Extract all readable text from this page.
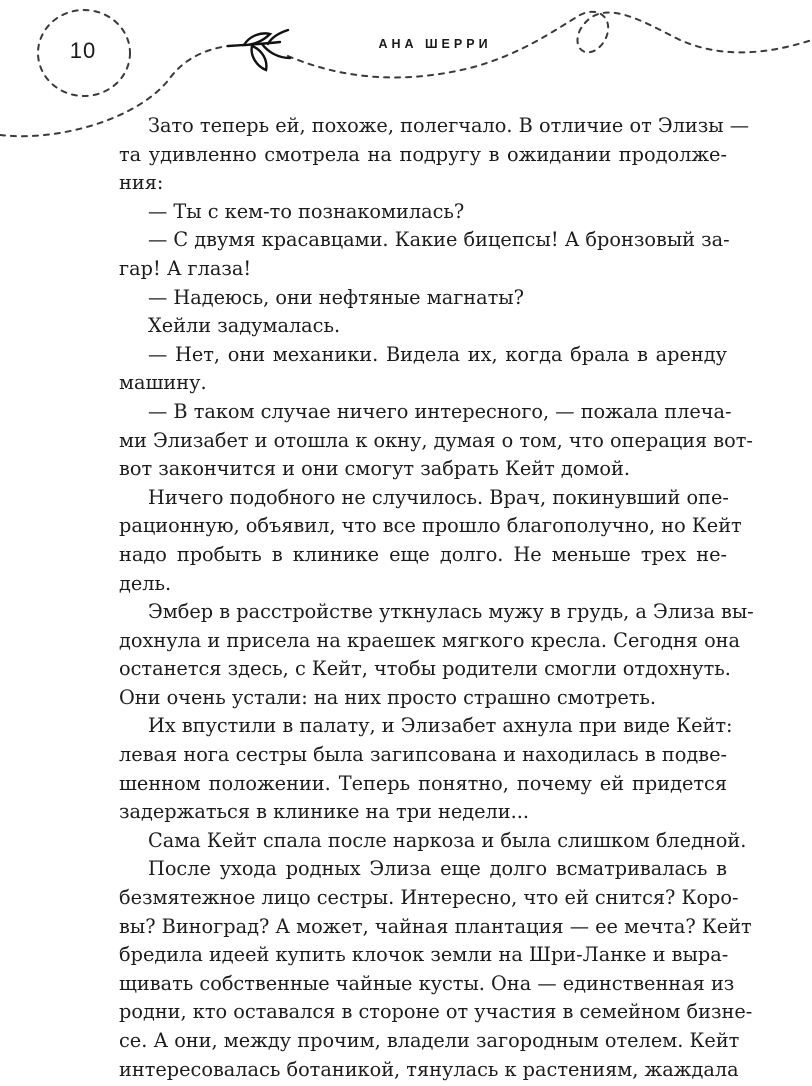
10	АНА ШЕРРИ
Зато теперь ей, похоже, полегчало. В отличие от Элизы —
та удивленно смотрела на подругу в ожидании продолже-
ния:
— Ты с кем-то познакомилась?
— С двумя красавцами. Какие бицепсы! А бронзовый за-
гар! А глаза!
— Надеюсь, они нефтяные магнаты?
Хейли задумалась.
— Нет, они механики. Видела их, когда брала в аренду
машину.
— В таком случае ничего интересного, — пожала плеча-
ми Элизабет и отошла к окну, думая о том, что операция вот-
вот закончится и они смогут забрать Кейт домой.
Ничего подобного не случилось. Врач, покинувший опе-
рационную, объявил, что все прошло благополучно, но Кейт
надо пробыть в клинике еще долго. Не меньше трех не-
дель.
Эмбер в расстройстве уткнулась мужу в грудь, а Элиза вы-
дохнула и присела на краешек мягкого кресла. Сегодня она
останется здесь, с Кейт, чтобы родители смогли отдохнуть.
Они очень устали: на них просто страшно смотреть.
Их впустили в палату, и Элизабет ахнула при виде Кейт:
левая нога сестры была загипсована и находилась в подве-
шенном положении. Теперь понятно, почему ей придется
задержаться в клинике на три недели...
Сама Кейт спала после наркоза и была слишком бледной.
После ухода родных Элиза еще долго всматривалась в
безмятежное лицо сестры. Интересно, что ей снится? Коро-
вы? Виноград? А может, чайная плантация — ее мечта? Кейт
бредила идеей купить клочок земли на Шри-Ланке и выра-
щивать собственные чайные кусты. Она — единственная из
родни, кто оставался в стороне от участия в семейном бизне-
се. А они, между прочим, владели загородным отелем. Кейт
интересовалась ботаникой, тянулась к растениям, жаждала
